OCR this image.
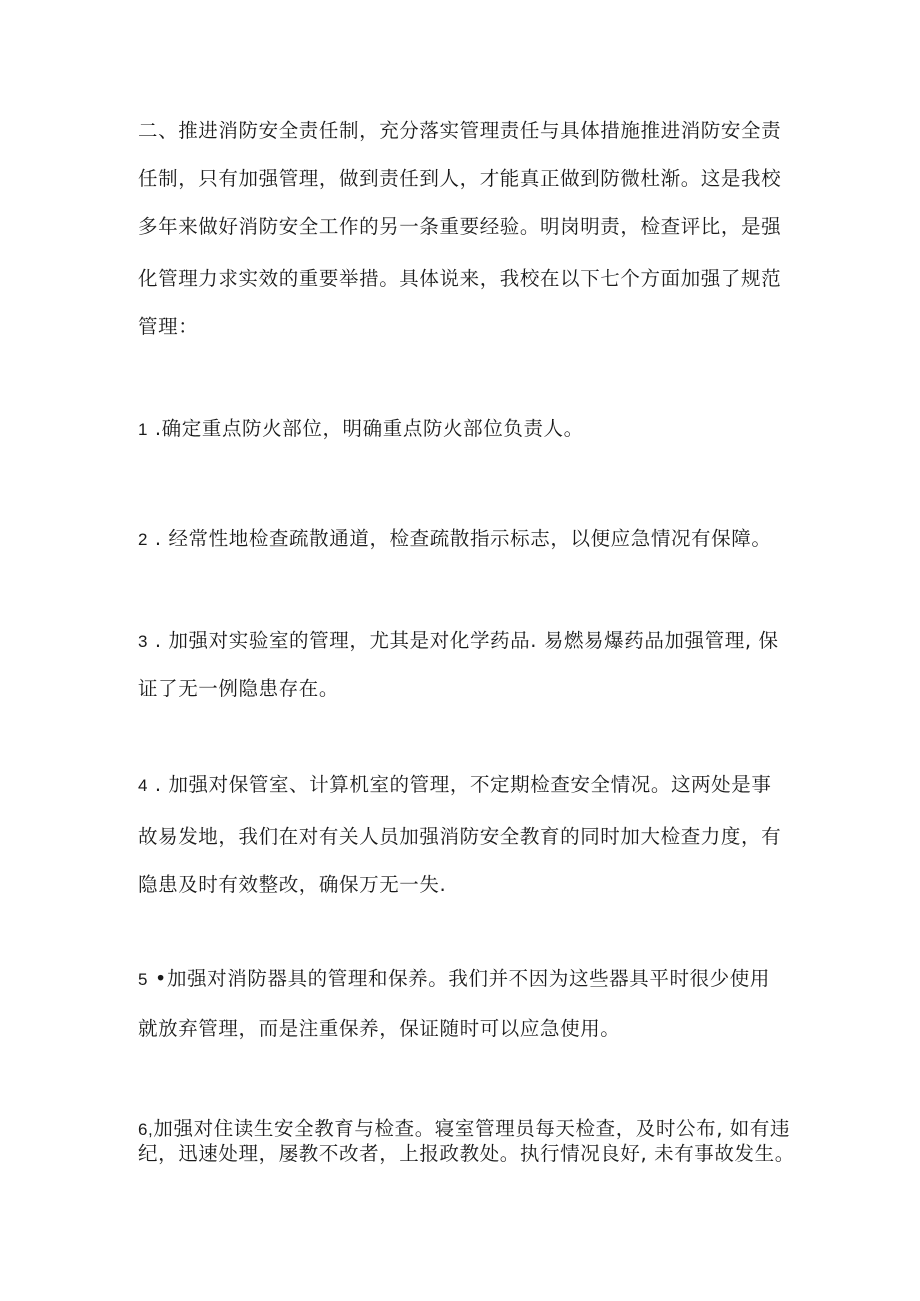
二、推进消防安全责任制，充分落实管理责任与具体措施推进消防安全责
任制，只有加强管理，做到责任到人，才能真正做到防微杜渐。这是我校
多年来做好消防安全工作的另一条重要经验。明岗明责，检查评比，是强
化管理力求实效的重要举措。具体说来，我校在以下七个方面加强了规范
管理：
1 .确定重点防火部位，明确重点防火部位负责人。
2 . 经常性地检查疏散通道，检查疏散指示标志，以便应急情况有保障。
3 . 加强对实验室的管理，尤其是对化学药品. 易燃易爆药品加强管理, 保
证了无一例隐患存在。
4 . 加强对保管室、计算机室的管理，不定期检查安全情况。这两处是事
故易发地，我们在对有关人员加强消防安全教育的同时加大检查力度，有
隐患及时有效整改，确保万无一失.
5 •加强对消防器具的管理和保养。我们并不因为这些器具平时很少使用
就放弃管理，而是注重保养，保证随时可以应急使用。
6,加强对住读生安全教育与检查。寝室管理员每天检查，及时公布, 如有违
纪，迅速处理，屡教不改者，上报政教处。执行情况良好, 未有事故发生。
